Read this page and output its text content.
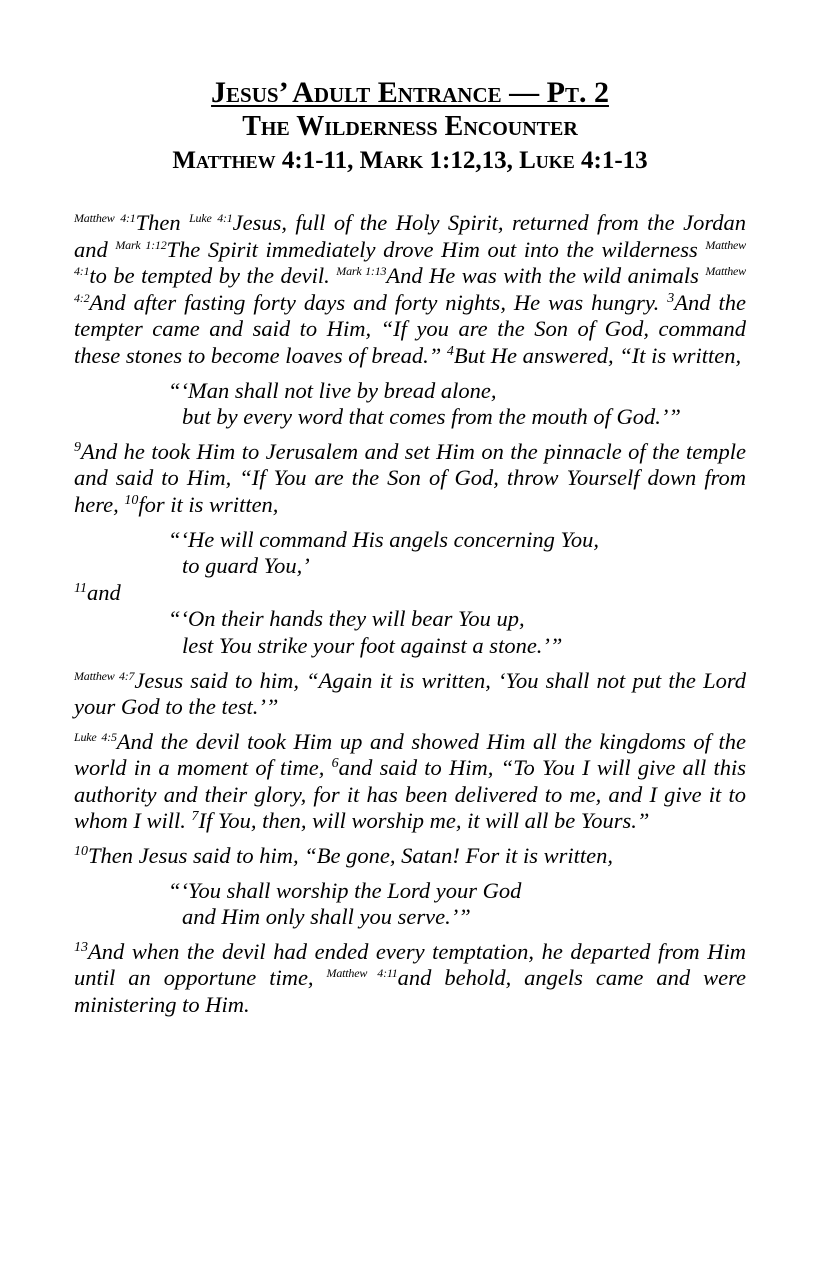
Jesus’ Adult Entrance — Pt. 2
The Wilderness Encounter
Matthew 4:1-11, Mark 1:12,13, Luke 4:1-13

$^{Matthew 4:1}$Then $^{Luke 4:1}$Jesus, full of the Holy Spirit, returned from the Jordan and $^{Mark 1:12}$The Spirit immediately drove Him out into the wilderness $^{Matthew 4:1}$to be tempted by the devil. $^{Mark 1:13}$And He was with the wild animals $^{Matthew 4:2}$And after fasting forty days and forty nights, He was hungry. $^3$And the tempter came and said to Him, “If you are the Son of God, command these stones to become loaves of bread.” $^4$But He answered, “It is written,

“‘Man shall not live by bread alone,
but by every word that comes from the mouth of God.’”

$^9$And he took Him to Jerusalem and set Him on the pinnacle of the temple and said to Him, “If You are the Son of God, throw Yourself down from here, $^{10}$for it is written,

“‘He will command His angels concerning You,
to guard You,’

$^{11}$and

“‘On their hands they will bear You up,
lest You strike your foot against a stone.’”

$^{Matthew 4:7}$Jesus said to him, “Again it is written, ‘You shall not put the Lord your God to the test.’”

$^{Luke 4:5}$And the devil took Him up and showed Him all the kingdoms of the world in a moment of time, $^6$and said to Him, “To You I will give all this authority and their glory, for it has been delivered to me, and I give it to whom I will. $^7$If You, then, will worship me, it will all be Yours.”

$^{10}$Then Jesus said to him, “Be gone, Satan! For it is written,

“‘You shall worship the Lord your God
and Him only shall you serve.’”

$^{13}$And when the devil had ended every temptation, he departed from Him until an opportune time, $^{Matthew 4:11}$and behold, angels came and were ministering to Him.
